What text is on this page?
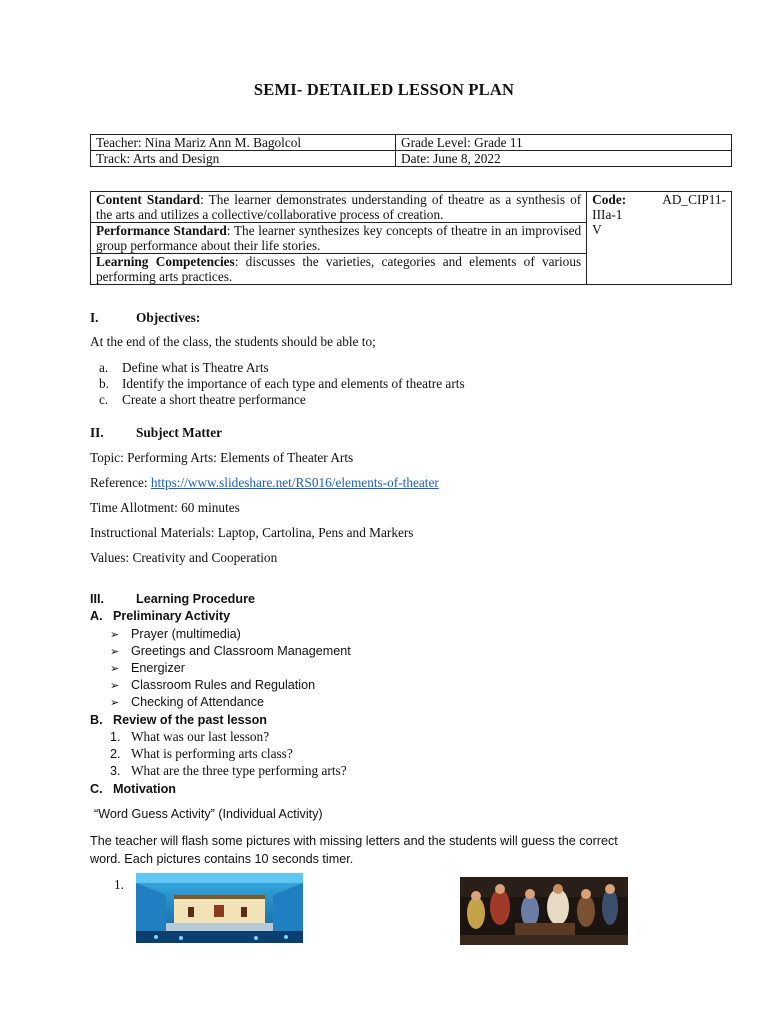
SEMI- DETAILED LESSON PLAN
Teacher: Nina Mariz Ann M. Bagolcol	Grade Level: Grade 11
Track: Arts and Design	Date: June 8, 2022
Content Standard: The learner demonstrates understanding of theatre as a synthesis of the arts and utilizes a collective/collaborative process of creation.	
Code:	AD_CIP11-
IIIa-1
V

Performance Standard: The learner synthesizes key concepts of theatre in an improvised group performance about their life stories.
Learning Competencies: discusses the varieties, categories and elements of various performing arts practices.
I.	Objectives:
At the end of the class, the students should be able to;
a. Define what is Theatre Arts
b. Identify the importance of each type and elements of theatre arts
c. Create a short theatre performance
II. Subject Matter
Topic: Performing Arts: Elements of Theater Arts
Reference: https://www.slideshare.net/RS016/elements-of-theater
Time Allotment: 60 minutes
Instructional Materials: Laptop, Cartolina, Pens and Markers
Values: Creativity and Cooperation
III.	Learning Procedure
A. Preliminary Activity
➢ Prayer (multimedia)
➢ Greetings and Classroom Management
➢ Energizer
➢ Classroom Rules and Regulation
➢ Checking of Attendance
B. Review of the past lesson
1. What was our last lesson?
2. What is performing arts class?
3. What are the three type performing arts?
C. Motivation
“Word Guess Activity” (Individual Activity)
The teacher will flash some pictures with missing letters and the students will guess the correct
word. Each pictures contains 10 seconds timer.
1.
